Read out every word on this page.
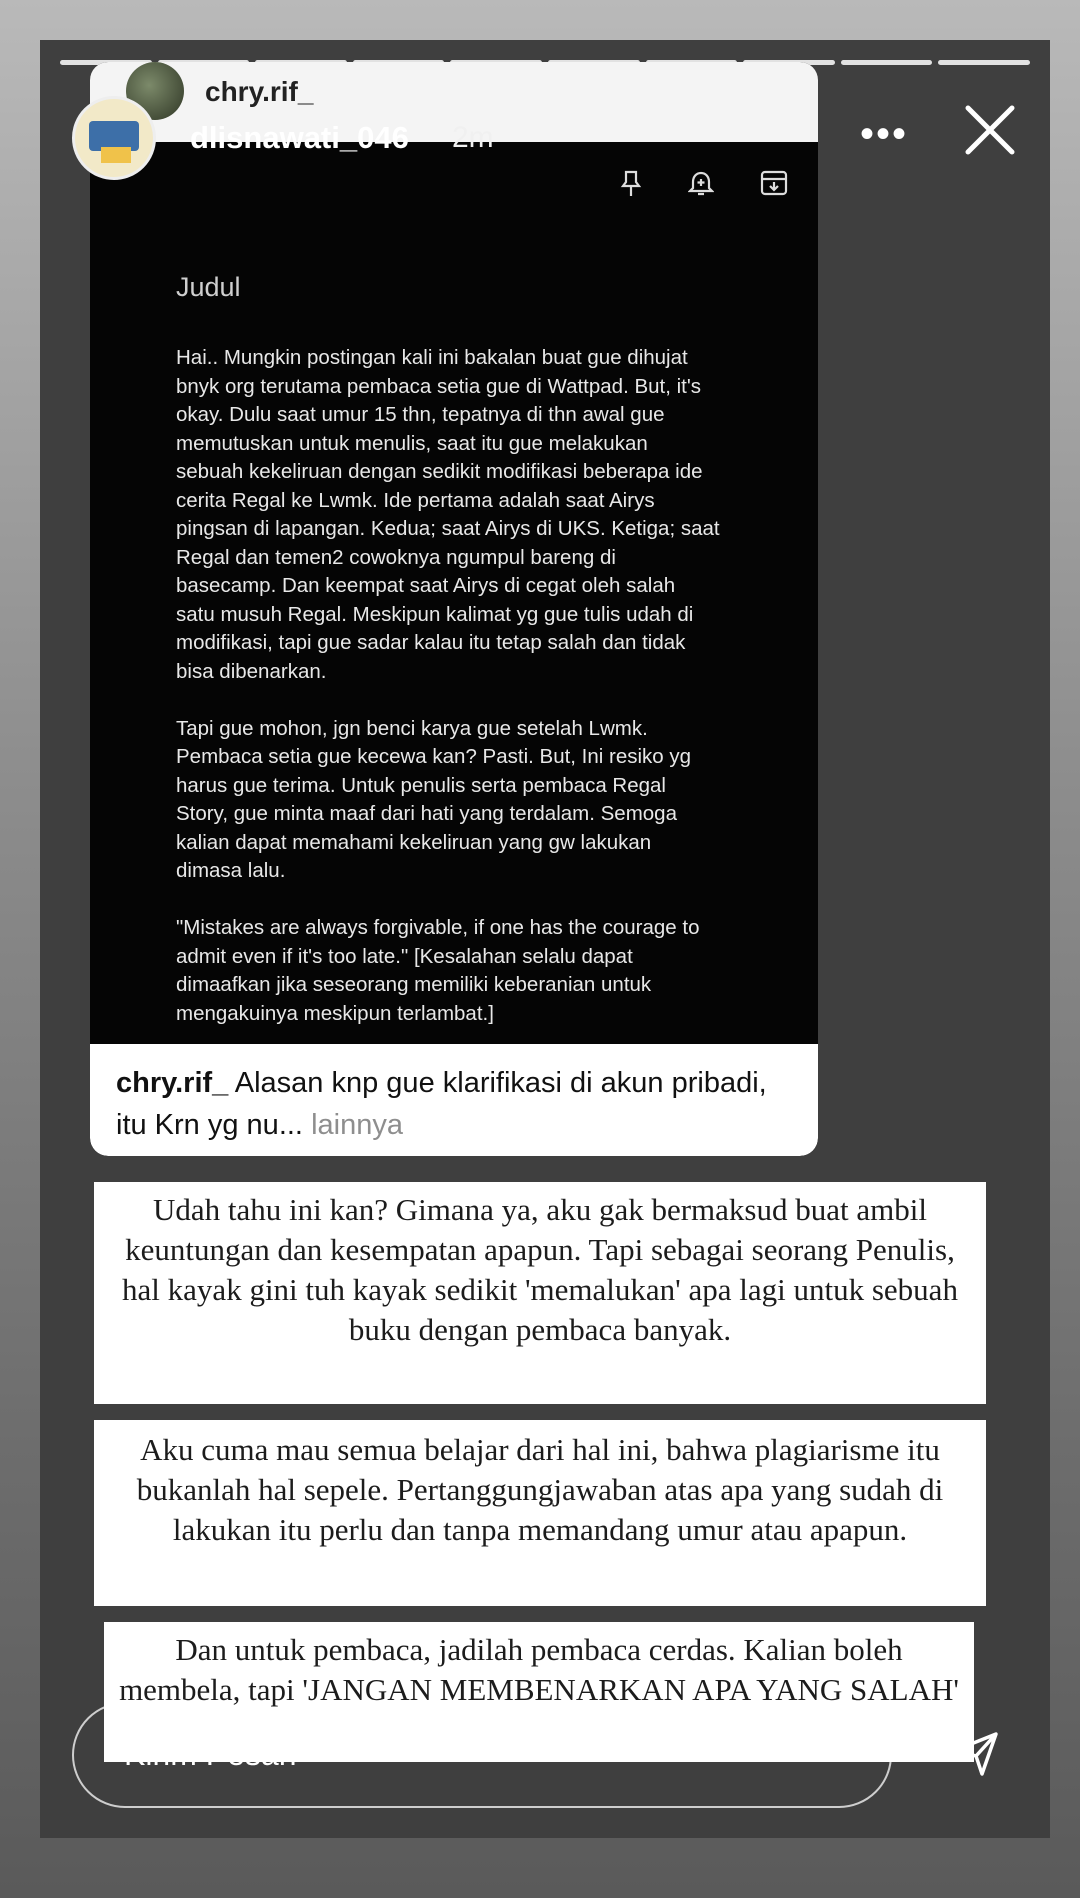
chry.rif_
Judul
Hai.. Mungkin postingan kali ini bakalan buat gue dihujat
bnyk org terutama pembaca setia gue di Wattpad. But, it's
okay. Dulu saat umur 15 thn, tepatnya di thn awal gue
memutuskan untuk menulis, saat itu gue melakukan
sebuah kekeliruan dengan sedikit modifikasi beberapa ide
cerita Regal ke Lwmk. Ide pertama adalah saat Airys
pingsan di lapangan. Kedua; saat Airys di UKS. Ketiga; saat
Regal dan temen2 cowoknya ngumpul bareng di
basecamp. Dan keempat saat Airys di cegat oleh salah
satu musuh Regal. Meskipun kalimat yg gue tulis udah di
modifikasi, tapi gue sadar kalau itu tetap salah dan tidak
bisa dibenarkan.

Tapi gue mohon, jgn benci karya gue setelah Lwmk.
Pembaca setia gue kecewa kan? Pasti. But, Ini resiko yg
harus gue terima. Untuk penulis serta pembaca Regal
Story, gue minta maaf dari hati yang terdalam. Semoga
kalian dapat memahami kekeliruan yang gw lakukan
dimasa lalu.

"Mistakes are always forgivable, if one has the courage to
admit even if it's too late." [Kesalahan selalu dapat
dimaafkan jika seseorang memiliki keberanian untuk
mengakuinya meskipun terlambat.]
chry.rif_ Alasan knp gue klarifikasi di akun pribadi, itu Krn yg nu... lainnya
dlisnawati_046 2m	•••
Udah tahu ini kan? Gimana ya, aku gak bermaksud buat ambil keuntungan dan kesempatan apapun. Tapi sebagai seorang Penulis, hal kayak gini tuh kayak sedikit 'memalukan' apa lagi untuk sebuah buku dengan pembaca banyak.
Aku cuma mau semua belajar dari hal ini, bahwa plagiarisme itu bukanlah hal sepele. Pertanggungjawaban atas apa yang sudah di lakukan itu perlu dan tanpa memandang umur atau apapun.
Dan untuk pembaca, jadilah pembaca cerdas. Kalian boleh membela, tapi 'JANGAN MEMBENARKAN APA YANG SALAH'
